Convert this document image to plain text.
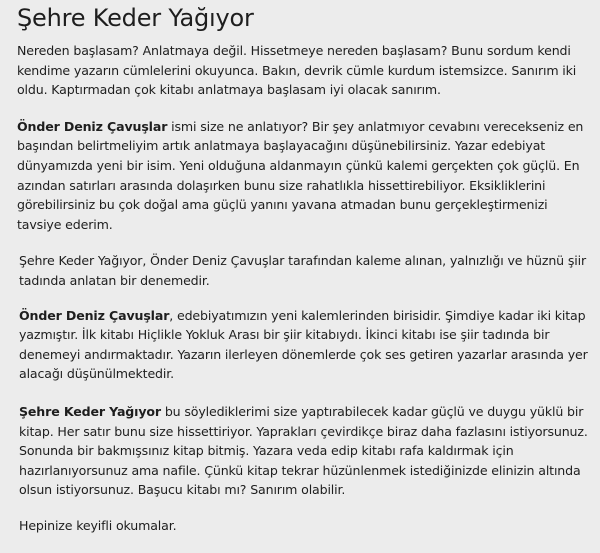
Şehre Keder Yağıyor

Nereden başlasam? Anlatmaya değil. Hissetmeye nereden başlasam? Bunu sordum kendi kendime yazarın cümlelerini okuyunca. Bakın, devrik cümle kurdum istemsizce. Sanırım iki oldu. Kaptırmadan çok kitabı anlatmaya başlasam iyi olacak sanırım.

Önder Deniz Çavuşlar ismi size ne anlatıyor? Bir şey anlatmıyor cevabını verecekseniz en başından belirtmeliyim artık anlatmaya başlayacağını düşünebilirsiniz. Yazar edebiyat dünyamızda yeni bir isim. Yeni olduğuna aldanmayın çünkü kalemi gerçekten çok güçlü. En azından satırları arasında dolaşırken bunu size rahatlıkla hissettirebiliyor. Eksikliklerini görebilirsiniz bu çok doğal ama güçlü yanını yavana atmadan bunu gerçekleştirmenizi tavsiye ederim.

Şehre Keder Yağıyor, Önder Deniz Çavuşlar tarafından kaleme alınan, yalnızlığı ve hüznü şiir tadında anlatan bir denemedir.

Önder Deniz Çavuşlar, edebiyatımızın yeni kalemlerinden birisidir. Şimdiye kadar iki kitap yazmıştır. İlk kitabı Hiçlikle Yokluk Arası bir şiir kitabıydı. İkinci kitabı ise şiir tadında bir denemeyi andırmaktadır. Yazarın ilerleyen dönemlerde çok ses getiren yazarlar arasında yer alacağı düşünülmektedir.

Şehre Keder Yağıyor bu söylediklerimi size yaptırabilecek kadar güçlü ve duygu yüklü bir kitap. Her satır bunu size hissettiriyor. Yaprakları çevirdikçe biraz daha fazlasını istiyorsunuz. Sonunda bir bakmışsınız kitap bitmiş. Yazara veda edip kitabı rafa kaldırmak için hazırlanıyorsunuz ama nafile. Çünkü kitap tekrar hüzünlenmek istediğinizde elinizin altında olsun istiyorsunuz. Başucu kitabı mı? Sanırım olabilir.

Hepinize keyifli okumalar.
